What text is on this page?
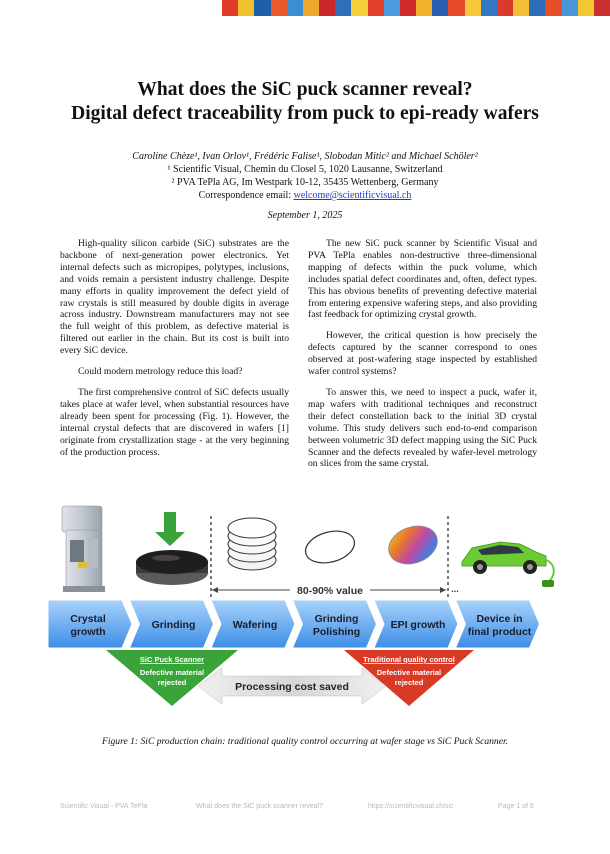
What does the SiC puck scanner reveal?
Digital defect traceability from puck to epi-ready wafers
Caroline Chèze¹, Ivan Orlov¹, Frédéric Falise¹, Slobodan Mitic² and Michael Schöler²
¹ Scientific Visual, Chemin du Closel 5, 1020 Lausanne, Switzerland
² PVA TePla AG, Im Westpark 10-12, 35435 Wettenberg, Germany
Correspondence email: welcome@scientificvisual.ch
September 1, 2025

High-quality silicon carbide (SiC) substrates are the backbone of next-generation power electronics. Yet internal defects such as micropipes, polytypes, inclusions, and voids remain a persistent industry challenge. Despite many efforts in quality improvement the defect yield of raw crystals is still measured by double digits in average across industry. Downstream manufacturers may not see the full weight of this problem, as defective material is filtered out earlier in the chain. But its cost is built into every SiC device.

Could modern metrology reduce this load?

The first comprehensive control of SiC defects usually takes place at wafer level, when substantial resources have already been spent for processing (Fig. 1). However, the internal crystal defects that are discovered in wafers [1] originate from crystallization stage - at the very beginning of the production process.

The new SiC puck scanner by Scientific Visual and PVA TePla enables non-destructive three-dimensional mapping of defects within the puck volume, which includes spatial defect coordinates and, often, defect types. This has obvious benefits of preventing defective material from entering expensive wafering steps, and also providing fast feedback for optimizing crystal growth.

However, the critical question is how precisely the defects captured by the scanner correspond to ones observed at post-wafering stage inspected by established wafer control systems?

To answer this, we need to inspect a puck, wafer it, map wafers with traditional techniques and reconstruct their defect constellation back to the initial 3D crystal volume. This study delivers such end-to-end comparison between volumetric 3D defect mapping using the SiC Puck Scanner and the defects revealed by wafer-level metrology on slices from the same crystal.

80-90% value	...
Crystal
growth
Grinding	Wafering	Grinding
Polishing
EPI growth	Device in
final product
SiC Puck Scanner
Defective material
rejected
Traditional quality control
Defective material
rejected
Processing cost saved
Figure 1: SiC production chain: traditional quality control occurring at wafer stage vs SiC Puck Scanner.
Scientific Visual - PVA TePla	What does the SiC puck scanner reveal?	https://scientificvisual.ch/sic	Page 1 of 6
